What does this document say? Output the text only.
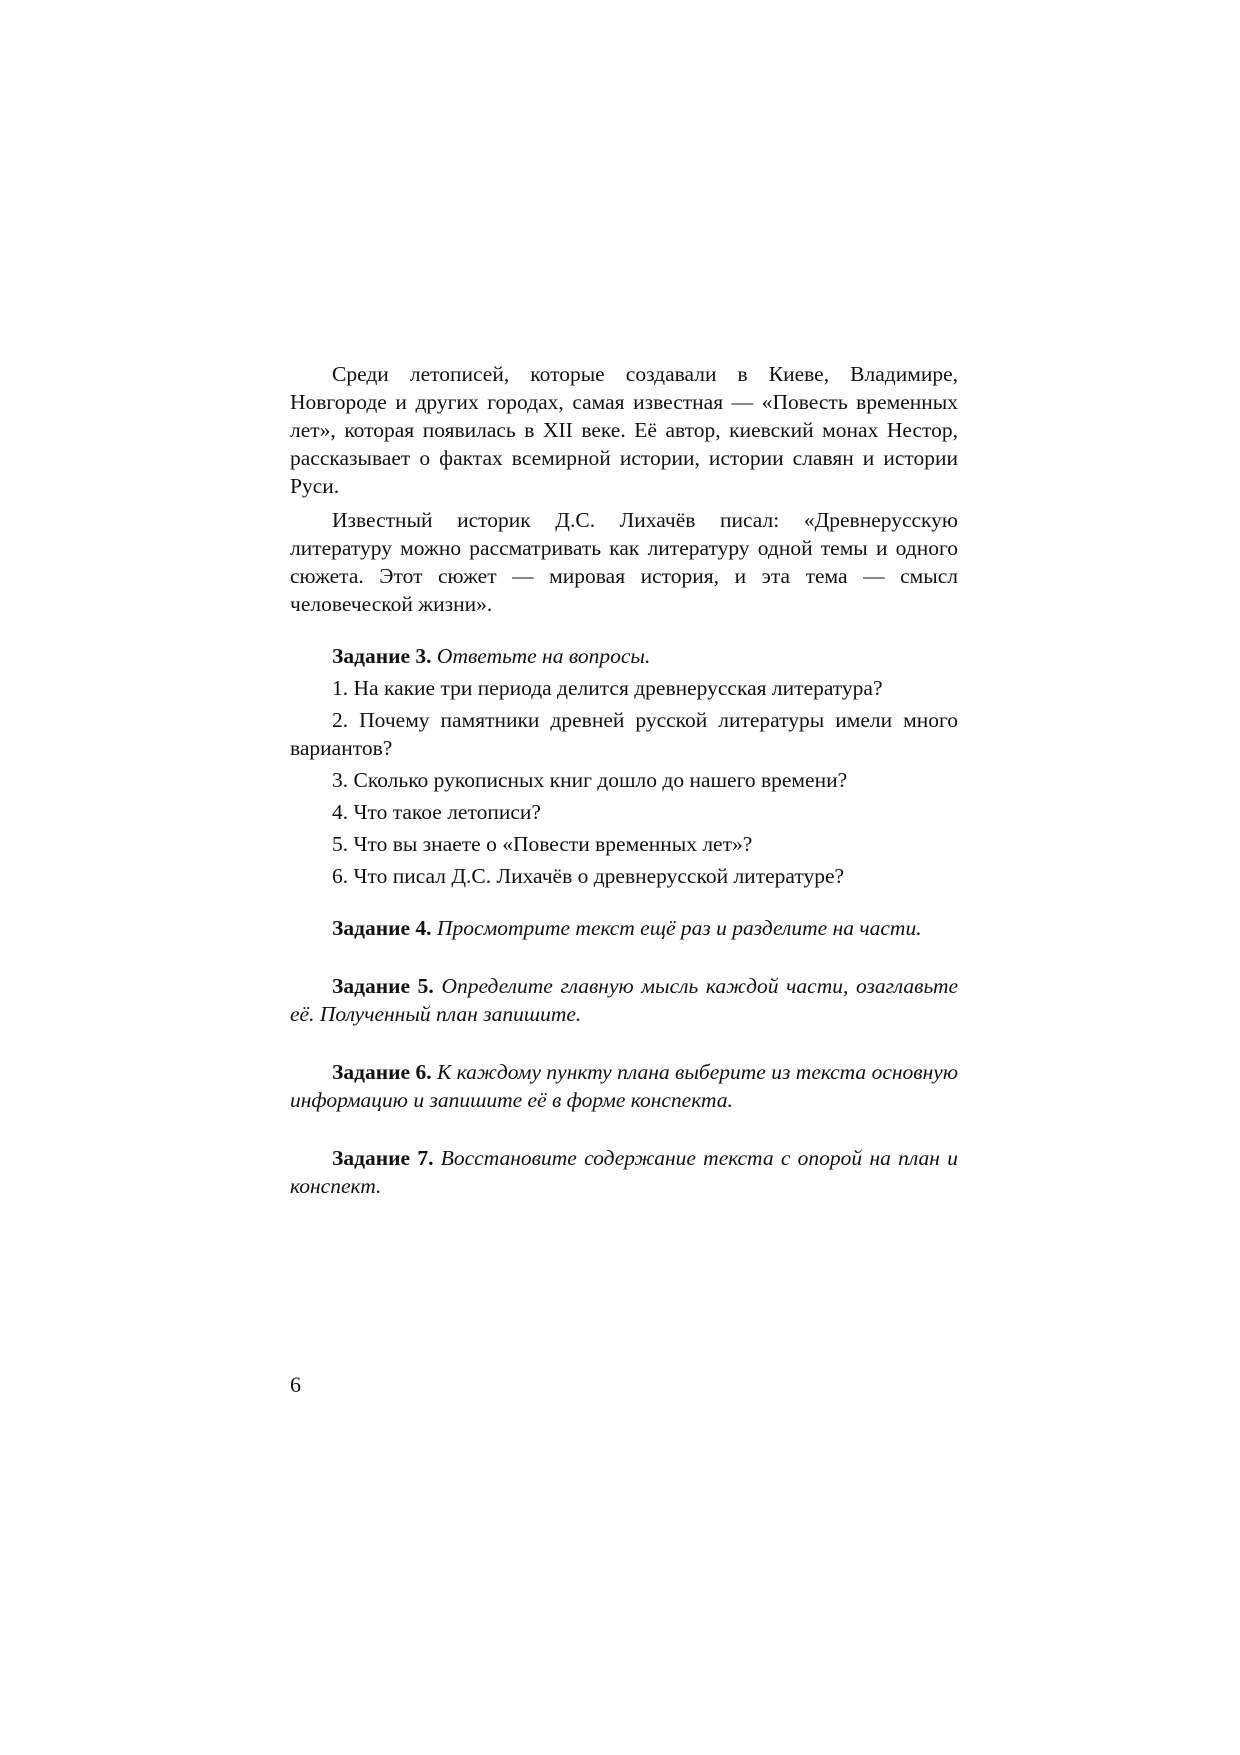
Среди летописей, которые создавали в Киеве, Владимире, Новгороде и других городах, самая известная — «Повесть временных лет», которая появилась в XII веке. Её автор, киевский монах Нестор, рассказывает о фактах всемирной истории, истории славян и истории Руси.

Известный историк Д.С. Лихачёв писал: «Древнерусскую литературу можно рассматривать как литературу одной темы и одного сюжета. Этот сюжет — мировая история, и эта тема — смысл человеческой жизни».

Задание 3. Ответьте на вопросы.

1. На какие три периода делится древнерусская литература?
2. Почему памятники древней русской литературы имели много вариантов?
3. Сколько рукописных книг дошло до нашего времени?
4. Что такое летописи?
5. Что вы знаете о «Повести временных лет»?
6. Что писал Д.С. Лихачёв о древнерусской литературе?

Задание 4. Просмотрите текст ещё раз и разделите на части.

Задание 5. Определите главную мысль каждой части, озаглавьте её. Полученный план запишите.

Задание 6. К каждому пункту плана выберите из текста основную информацию и запишите её в форме конспекта.

Задание 7. Восстановите содержание текста с опорой на план и конспект.

6
